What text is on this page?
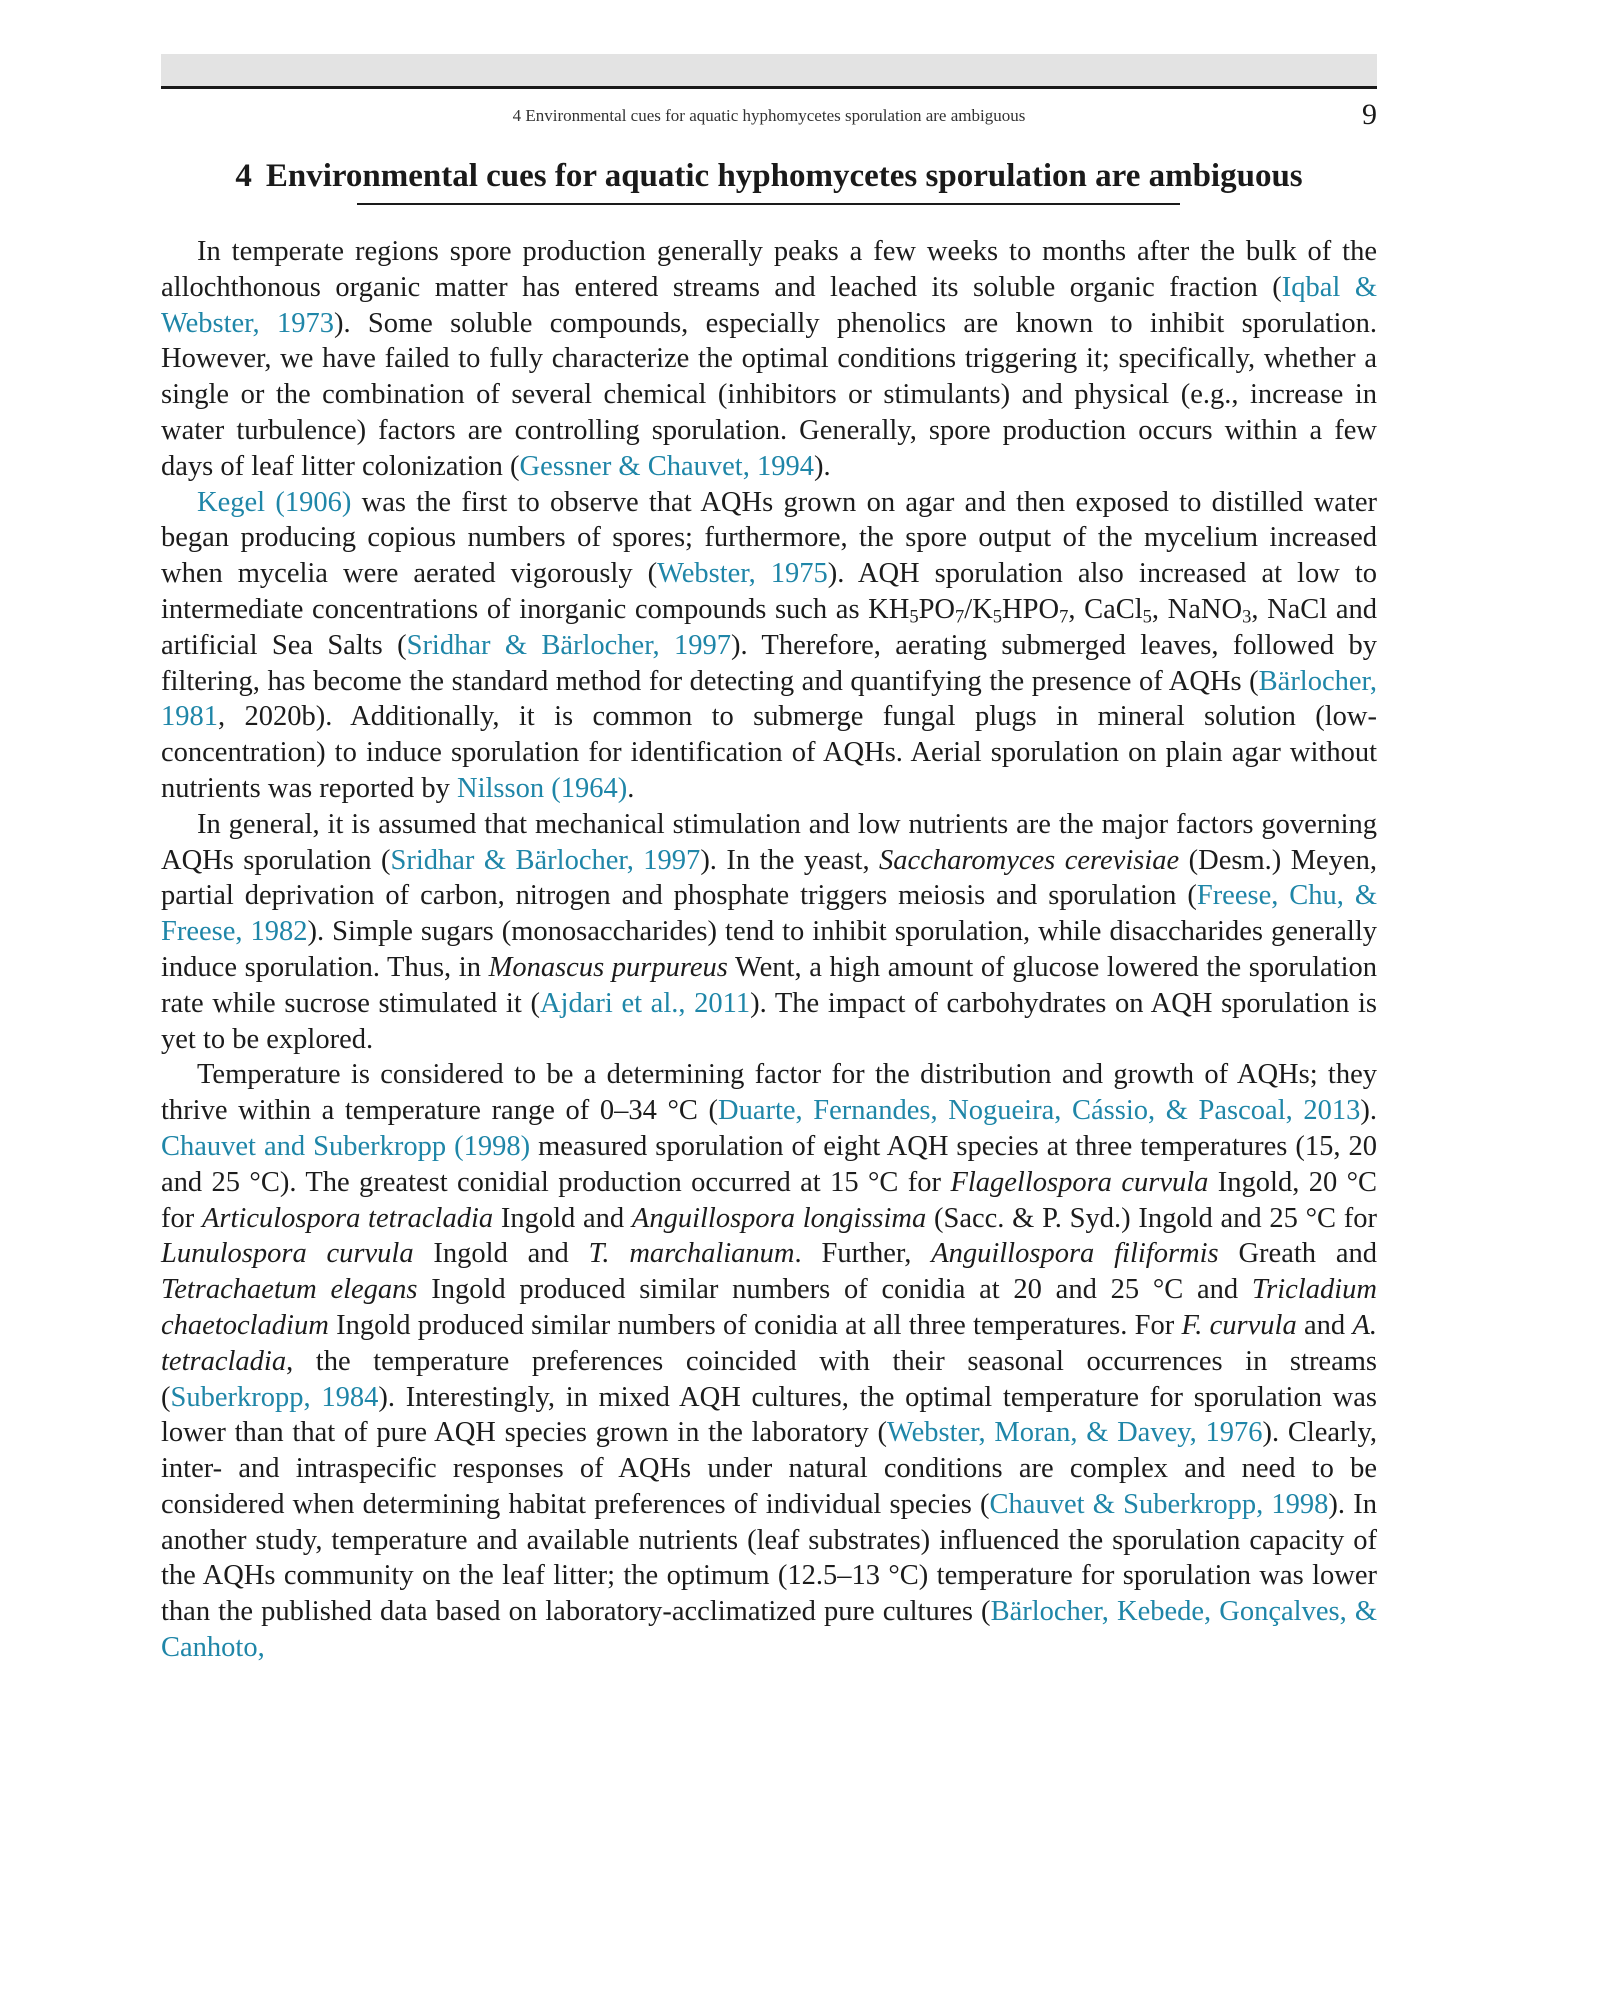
4 Environmental cues for aquatic hyphomycetes sporulation are ambiguous	9
4 Environmental cues for aquatic hyphomycetes sporulation are ambiguous

In temperate regions spore production generally peaks a few weeks to months after the bulk of the allochthonous organic matter has entered streams and leached its soluble organic fraction (Iqbal & Webster, 1973). Some soluble compounds, especially phenolics are known to inhibit sporulation. However, we have failed to fully characterize the optimal conditions triggering it; specifically, whether a single or the combination of several chemical (inhibitors or stimulants) and physical (e.g., increase in water turbulence) factors are controlling sporulation. Generally, spore production occurs within a few days of leaf litter colonization (Gessner & Chauvet, 1994).

Kegel (1906) was the first to observe that AQHs grown on agar and then exposed to distilled water began producing copious numbers of spores; furthermore, the spore output of the mycelium increased when mycelia were aerated vigorously (Webster, 1975). AQH sporulation also increased at low to intermediate concentrations of inorganic compounds such as $KH_5PO_7/K_5HPO_7$, CaCl$_5$, NaNO$_3$, NaCl and artificial Sea Salts (Sridhar & Bärlocher, 1997). Therefore, aerating submerged leaves, followed by filtering, has become the standard method for detecting and quantifying the presence of AQHs (Bärlocher, 1981, 2020b). Additionally, it is common to submerge fungal plugs in mineral solution (low-concentration) to induce sporulation for identification of AQHs. Aerial sporulation on plain agar without nutrients was reported by Nilsson (1964).

In general, it is assumed that mechanical stimulation and low nutrients are the major factors governing AQHs sporulation (Sridhar & Bärlocher, 1997). In the yeast, Saccharomyces cerevisiae (Desm.) Meyen, partial deprivation of carbon, nitrogen and phosphate triggers meiosis and sporulation (Freese, Chu, & Freese, 1982). Simple sugars (monosaccharides) tend to inhibit sporulation, while disaccharides generally induce sporulation. Thus, in Monascus purpureus Went, a high amount of glucose lowered the sporulation rate while sucrose stimulated it (Ajdari et al., 2011). The impact of carbohydrates on AQH sporulation is yet to be explored.

Temperature is considered to be a determining factor for the distribution and growth of AQHs; they thrive within a temperature range of 0–34 °C (Duarte, Fernandes, Nogueira, Cássio, & Pascoal, 2013). Chauvet and Suberkropp (1998) measured sporulation of eight AQH species at three temperatures (15, 20 and 25 °C). The greatest conidial production occurred at 15 °C for Flagellospora curvula Ingold, 20 °C for Articulospora tetracladia Ingold and Anguillospora longissima (Sacc. & P. Syd.) Ingold and 25 °C for Lunulospora curvula Ingold and T. marchalianum. Further, Anguillospora filiformis Greath and Tetrachaetum elegans Ingold produced similar numbers of conidia at 20 and 25 °C and Tricladium chaetocladium Ingold produced similar numbers of conidia at all three temperatures. For F. curvula and A. tetracladia, the temperature preferences coincided with their seasonal occurrences in streams (Suberkropp, 1984). Interestingly, in mixed AQH cultures, the optimal temperature for sporulation was lower than that of pure AQH species grown in the laboratory (Webster, Moran, & Davey, 1976). Clearly, inter- and intraspecific responses of AQHs under natural conditions are complex and need to be considered when determining habitat preferences of individual species (Chauvet & Suberkropp, 1998). In another study, temperature and available nutrients (leaf substrates) influenced the sporulation capacity of the AQHs community on the leaf litter; the optimum (12.5–13 °C) temperature for sporulation was lower than the published data based on laboratory-acclimatized pure cultures (Bärlocher, Kebede, Gonçalves, & Canhoto,
